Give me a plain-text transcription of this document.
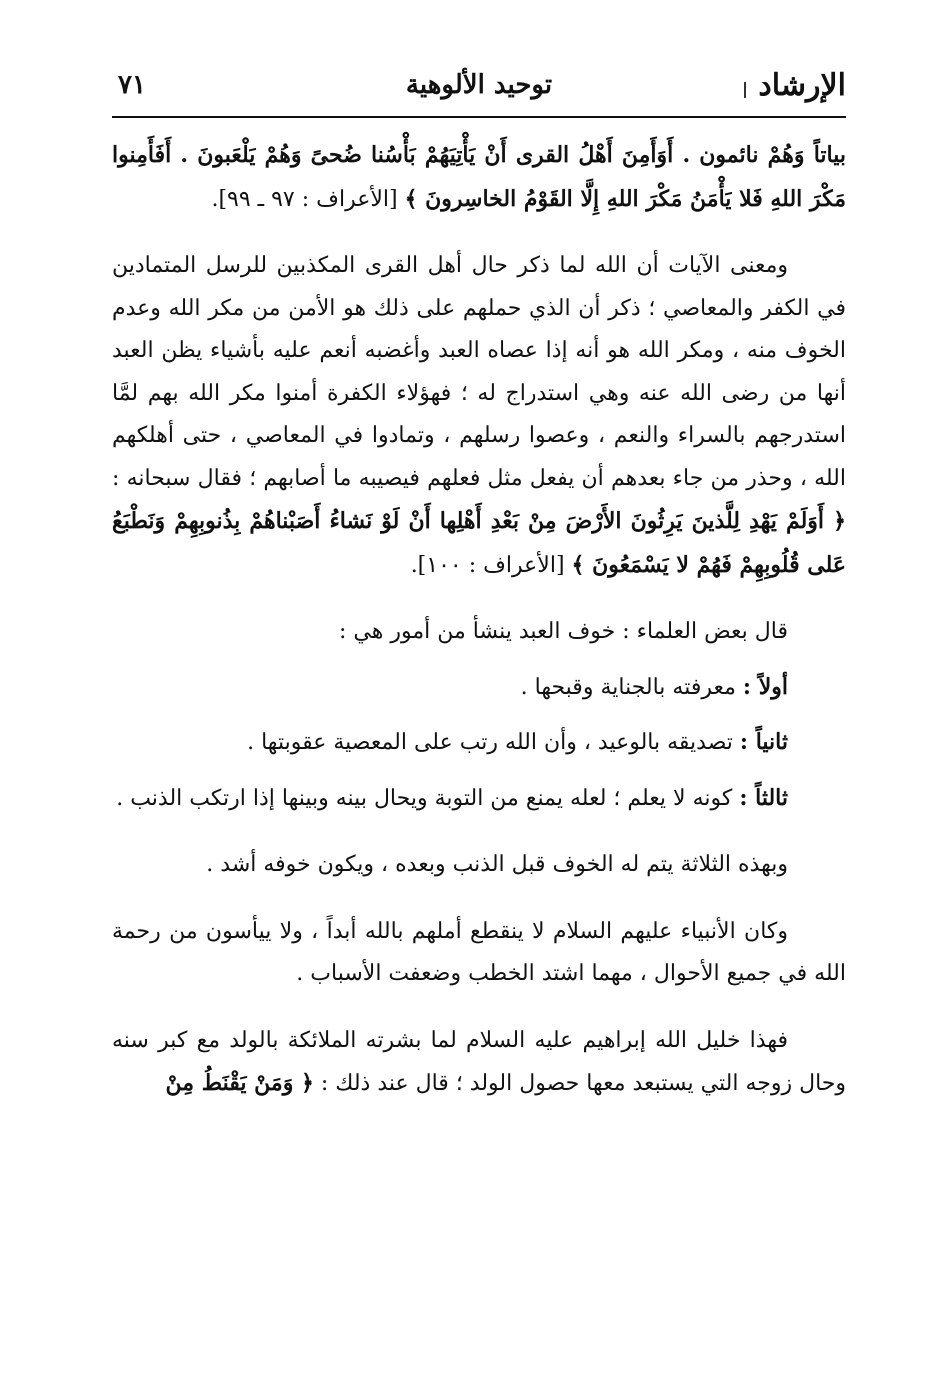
الإرشاد
توحيد الألوهية
٧١

بياتاً وَهُمْ نائمون . أَوَأَمِنَ أَهْلُ القرى أَنْ يَأْتِيَهُمْ بَأْسُنا ضُحىً وَهُمْ يَلْعَبونَ . أَفَأَمِنوا مَكْرَ اللهِ فَلا يَأْمَنُ مَكْرَ اللهِ إِلَّا القَوْمُ الخاسِرونَ ﴾ [الأعراف : ٩٧ ـ ٩٩].

ومعنى الآيات أن الله لما ذكر حال أهل القرى المكذبين للرسل المتمادين في الكفر والمعاصي ؛ ذكر أن الذي حملهم على ذلك هو الأمن من مكر الله وعدم الخوف منه ، ومكر الله هو أنه إذا عصاه العبد وأغضبه أنعم عليه بأشياء يظن العبد أنها من رضى الله عنه وهي استدراج له ؛ فهؤلاء الكفرة أمنوا مكر الله بهم لمَّا استدرجهم بالسراء والنعم ، وعصوا رسلهم ، وتمادوا في المعاصي ، حتى أهلكهم الله ، وحذر من جاء بعدهم أن يفعل مثل فعلهم فيصيبه ما أصابهم ؛ فقال سبحانه : ﴿ أَوَلَمْ يَهْدِ لِلَّذينَ يَرِثُونَ الأَرْضَ مِنْ بَعْدِ أَهْلِها أَنْ لَوْ نَشاءُ أَصَبْناهُمْ بِذُنوبِهِمْ وَنَطْبَعُ عَلى قُلُوبِهِمْ فَهُمْ لا يَسْمَعُونَ ﴾ [الأعراف : ١٠٠].

قال بعض العلماء : خوف العبد ينشأ من أمور هي :

أولاً : معرفته بالجناية وقبحها .

ثانياً : تصديقه بالوعيد ، وأن الله رتب على المعصية عقوبتها .

ثالثاً : كونه لا يعلم ؛ لعله يمنع من التوبة ويحال بينه وبينها إذا ارتكب الذنب .

وبهذه الثلاثة يتم له الخوف قبل الذنب وبعده ، ويكون خوفه أشد .

وكان الأنبياء عليهم السلام لا ينقطع أملهم بالله أبداً ، ولا ييأسون من رحمة الله في جميع الأحوال ، مهما اشتد الخطب وضعفت الأسباب .

فهذا خليل الله إبراهيم عليه السلام لما بشرته الملائكة بالولد مع كبر سنه وحال زوجه التي يستبعد معها حصول الولد ؛ قال عند ذلك : ﴿ وَمَنْ يَقْنَطُ مِنْ
